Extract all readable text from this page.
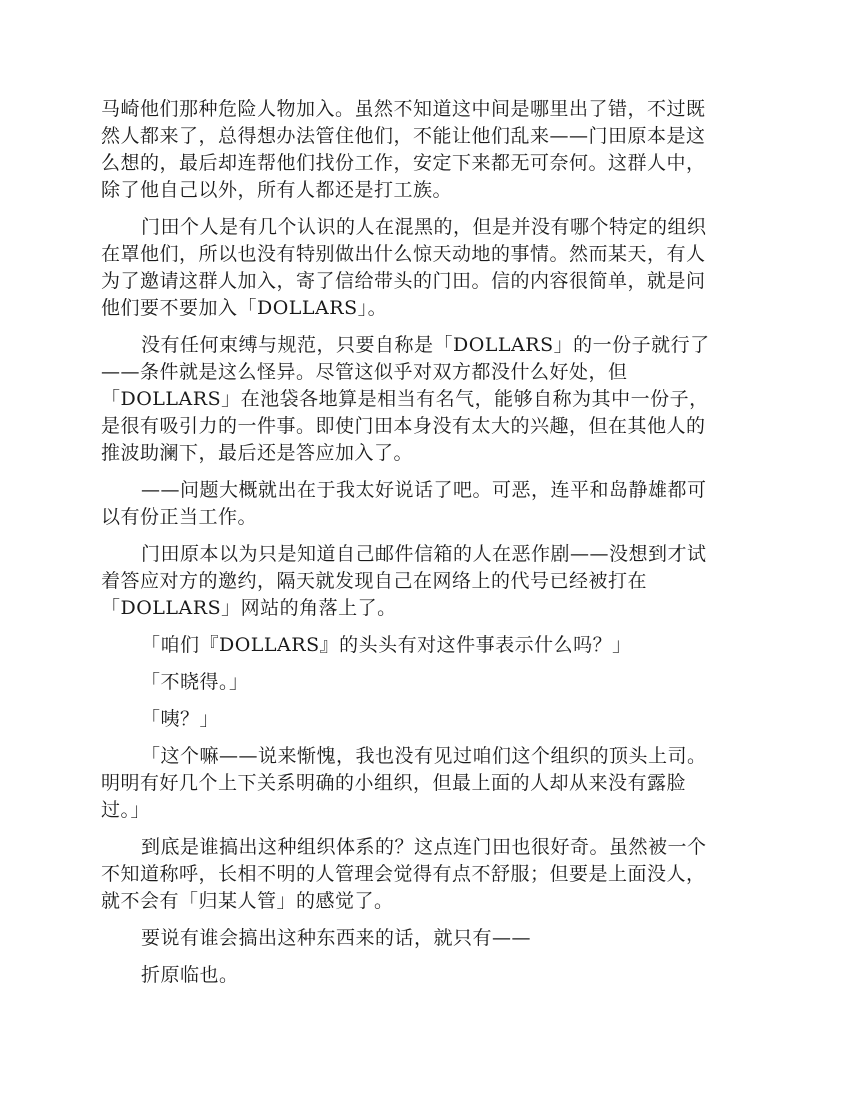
马崎他们那种危险人物加入。虽然不知道这中间是哪里出了错，不过既
然人都来了，总得想办法管住他们，不能让他们乱来——门田原本是这
么想的，最后却连帮他们找份工作，安定下来都无可奈何。这群人中，
除了他自己以外，所有人都还是打工族。
门田个人是有几个认识的人在混黑的，但是并没有哪个特定的组织
在罩他们，所以也没有特别做出什么惊天动地的事情。然而某天，有人
为了邀请这群人加入，寄了信给带头的门田。信的内容很简单，就是问
他们要不要加入「DOLLARS」。
没有任何束缚与规范，只要自称是「DOLLARS」的一份子就行了
——条件就是这么怪异。尽管这似乎对双方都没什么好处，但
「DOLLARS」在池袋各地算是相当有名气，能够自称为其中一份子，
是很有吸引力的一件事。即使门田本身没有太大的兴趣，但在其他人的
推波助澜下，最后还是答应加入了。
——问题大概就出在于我太好说话了吧。可恶，连平和岛静雄都可
以有份正当工作。
门田原本以为只是知道自己邮件信箱的人在恶作剧——没想到才试
着答应对方的邀约，隔天就发现自己在网络上的代号已经被打在
「DOLLARS」网站的角落上了。
「咱们『DOLLARS』的头头有对这件事表示什么吗？」
「不晓得。」
「咦？」
「这个嘛——说来惭愧，我也没有见过咱们这个组织的顶头上司。
明明有好几个上下关系明确的小组织，但最上面的人却从来没有露脸
过。」
到底是谁搞出这种组织体系的？这点连门田也很好奇。虽然被一个
不知道称呼，长相不明的人管理会觉得有点不舒服；但要是上面没人，
就不会有「归某人管」的感觉了。
要说有谁会搞出这种东西来的话，就只有——
折原临也。
